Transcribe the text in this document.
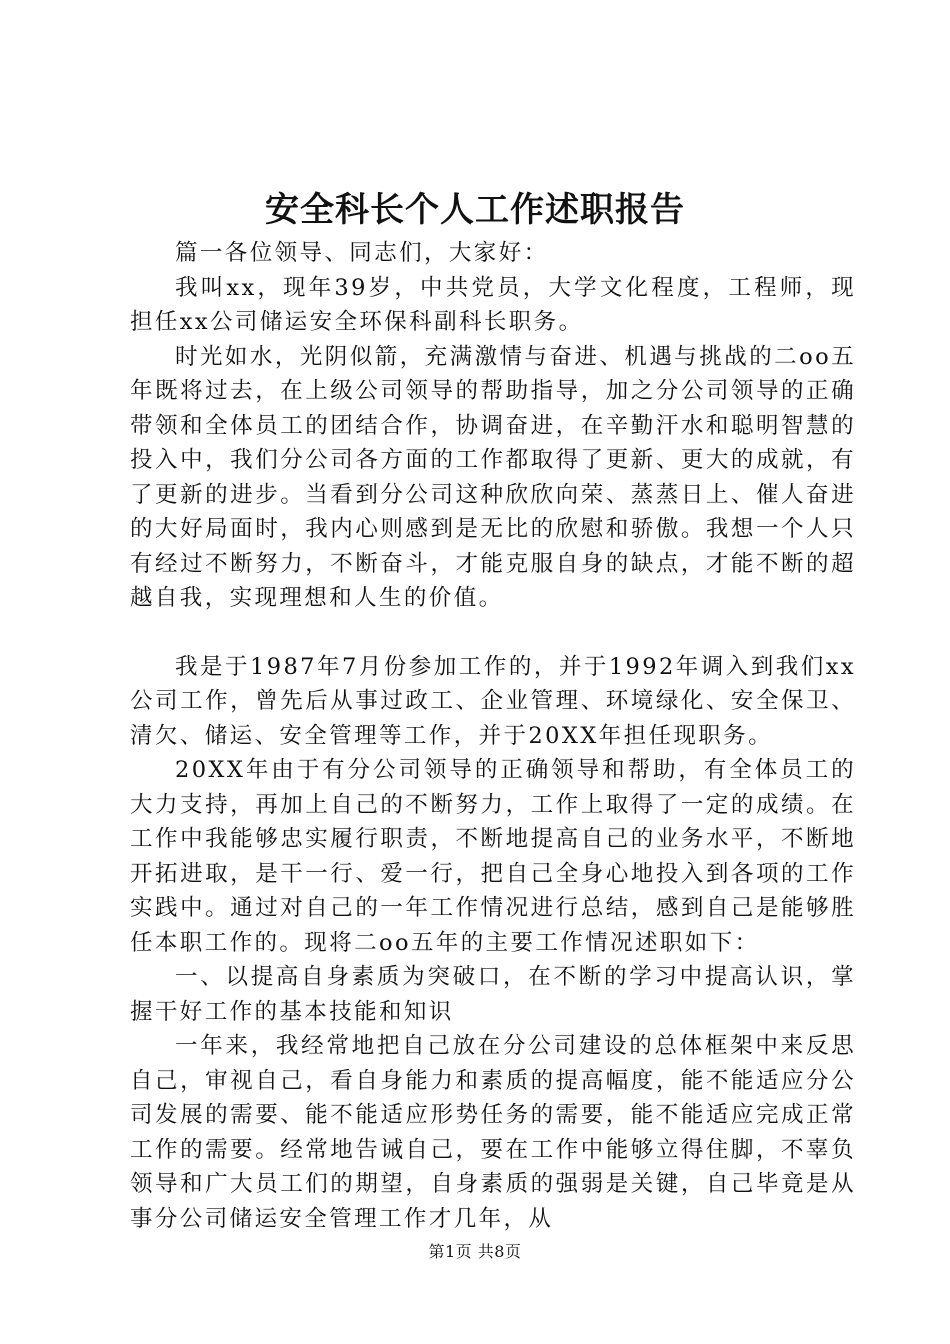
安全科长个人工作述职报告

篇一各位领导、同志们，大家好：

我叫xx，现年39岁，中共党员，大学文化程度，工程师，现担任xx公司储运安全环保科副科长职务。

时光如水，光阴似箭，充满激情与奋进、机遇与挑战的二oo五年既将过去，在上级公司领导的帮助指导，加之分公司领导的正确带领和全体员工的团结合作，协调奋进，在辛勤汗水和聪明智慧的投入中，我们分公司各方面的工作都取得了更新、更大的成就，有了更新的进步。当看到分公司这种欣欣向荣、蒸蒸日上、催人奋进的大好局面时，我内心则感到是无比的欣慰和骄傲。我想一个人只有经过不断努力，不断奋斗，才能克服自身的缺点，才能不断的超越自我，实现理想和人生的价值。

我是于1987年7月份参加工作的，并于1992年调入到我们xx公司工作，曾先后从事过政工、企业管理、环境绿化、安全保卫、清欠、储运、安全管理等工作，并于20XX年担任现职务。

20XX年由于有分公司领导的正确领导和帮助，有全体员工的大力支持，再加上自己的不断努力，工作上取得了一定的成绩。在工作中我能够忠实履行职责，不断地提高自己的业务水平，不断地开拓进取，是干一行、爱一行，把自己全身心地投入到各项的工作实践中。通过对自己的一年工作情况进行总结，感到自己是能够胜任本职工作的。现将二oo五年的主要工作情况述职如下：

一、以提高自身素质为突破口，在不断的学习中提高认识，掌握干好工作的基本技能和知识

一年来，我经常地把自己放在分公司建设的总体框架中来反思自己，审视自己，看自身能力和素质的提高幅度，能不能适应分公司发展的需要、能不能适应形势任务的需要，能不能适应完成正常工作的需要。经常地告诫自己，要在工作中能够立得住脚，不辜负领导和广大员工们的期望，自身素质的强弱是关键，自己毕竟是从事分公司储运安全管理工作才几年，从

第1页 共8页
